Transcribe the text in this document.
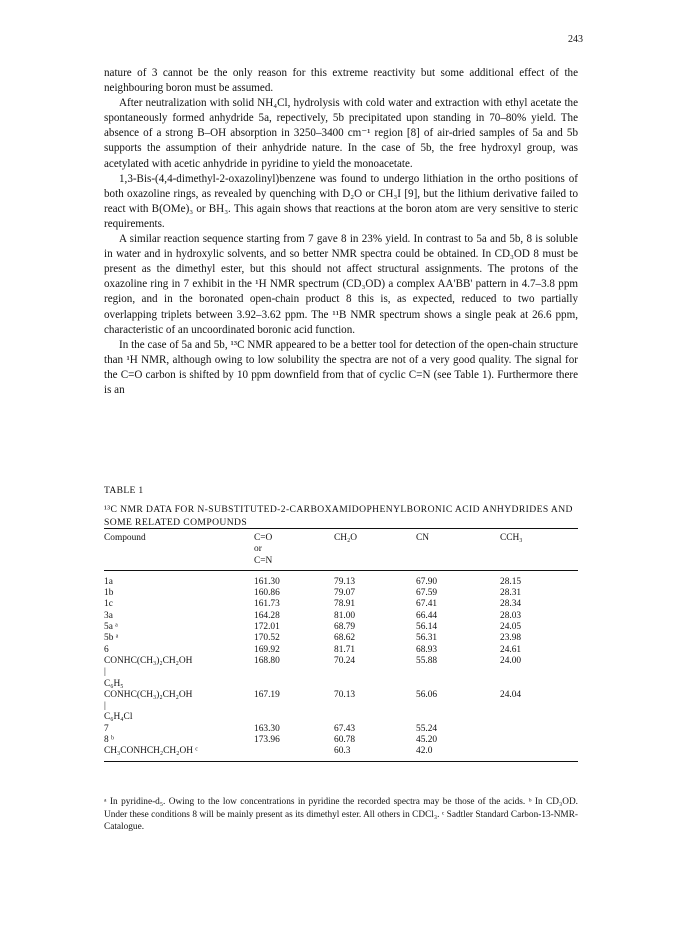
243

nature of 3 cannot be the only reason for this extreme reactivity but some additional effect of the neighbouring boron must be assumed.

After neutralization with solid NH₄Cl, hydrolysis with cold water and extraction with ethyl acetate the spontaneously formed anhydride 5a, repectively, 5b precipitated upon standing in 70–80% yield. The absence of a strong B–OH absorption in 3250–3400 cm⁻¹ region [8] of air-dried samples of 5a and 5b supports the assumption of their anhydride nature. In the case of 5b, the free hydroxyl group, was acetylated with acetic anhydride in pyridine to yield the monoacetate.

1,3-Bis-(4,4-dimethyl-2-oxazolinyl)benzene was found to undergo lithiation in the ortho positions of both oxazoline rings, as revealed by quenching with D₂O or CH₃I [9], but the lithium derivative failed to react with B(OMe)₃ or BH₃. This again shows that reactions at the boron atom are very sensitive to steric requirements.

A similar reaction sequence starting from 7 gave 8 in 23% yield. In contrast to 5a and 5b, 8 is soluble in water and in hydroxylic solvents, and so better NMR spectra could be obtained. In CD₃OD 8 must be present as the dimethyl ester, but this should not affect structural assignments. The protons of the oxazoline ring in 7 exhibit in the ¹H NMR spectrum (CD₃OD) a complex AA'BB' pattern in 4.7–3.8 ppm region, and in the boronated open-chain product 8 this is, as expected, reduced to two partially overlapping triplets between 3.92–3.62 ppm. The ¹¹B NMR spectrum shows a single peak at 26.6 ppm, characteristic of an uncoordinated boronic acid function.

In the case of 5a and 5b, ¹³C NMR appeared to be a better tool for detection of the open-chain structure than ¹H NMR, although owing to low solubility the spectra are not of a very good quality. The signal for the C=O carbon is shifted by 10 ppm downfield from that of cyclic C=N (see Table 1). Furthermore there is an

TABLE 1
¹³C NMR DATA FOR N-SUBSTITUTED-2-CARBOXAMIDOPHENYLBORONIC ACID ANHYDRIDES AND SOME RELATED COMPOUNDS
Compound	C=O	CH₂O	CN	CCH₃
	or			
	C=N			
1a	161.30	79.13	67.90	28.15
1b	160.86	79.07	67.59	28.31
1c	161.73	78.91	67.41	28.34
3a	164.28	81.00	66.44	28.03
5a ᵃ	172.01	68.79	56.14	24.05
5b ᵃ	170.52	68.62	56.31	23.98
6	169.92	81.71	68.93	24.61
CONHC(CH₃)₂CH₂OH
|
C₆H₅	168.80	70.24	55.88	24.00
CONHC(CH₃)₂CH₂OH
|
C₆H₄Cl	167.19	70.13	56.06	24.04
7	163.30	67.43	55.24	
8 ᵇ	173.96	60.78	45.20	
CH₃CONHCH₂CH₂OH ᶜ		60.3	42.0	

ᵃ In pyridine-d₅. Owing to the low concentrations in pyridine the recorded spectra may be those of the acids. ᵇ In CD₃OD. Under these conditions 8 will be mainly present as its dimethyl ester. All others in CDCl₃. ᶜ Sadtler Standard Carbon-13-NMR-Catalogue.
